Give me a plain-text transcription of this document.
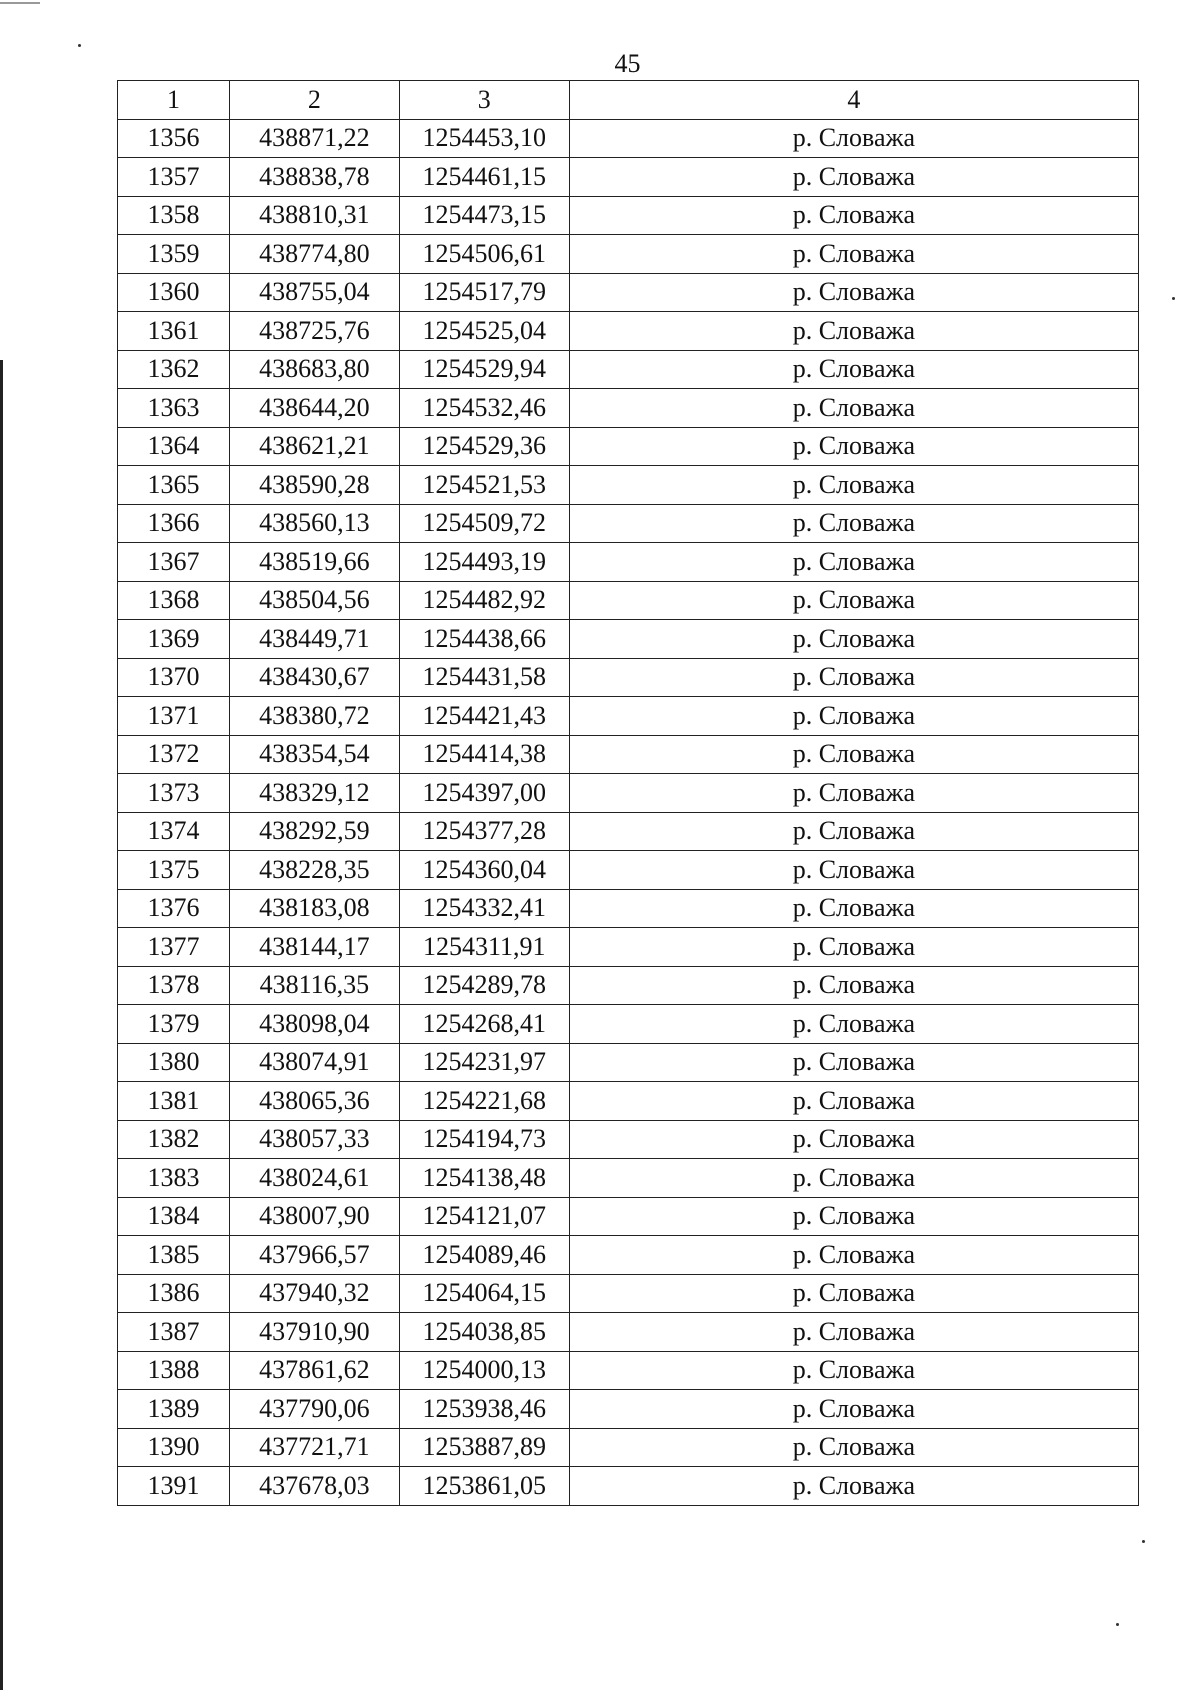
45
1	2	3	4
1356	438871,22	1254453,10	р. Словажа
1357	438838,78	1254461,15	р. Словажа
1358	438810,31	1254473,15	р. Словажа
1359	438774,80	1254506,61	р. Словажа
1360	438755,04	1254517,79	р. Словажа
1361	438725,76	1254525,04	р. Словажа
1362	438683,80	1254529,94	р. Словажа
1363	438644,20	1254532,46	р. Словажа
1364	438621,21	1254529,36	р. Словажа
1365	438590,28	1254521,53	р. Словажа
1366	438560,13	1254509,72	р. Словажа
1367	438519,66	1254493,19	р. Словажа
1368	438504,56	1254482,92	р. Словажа
1369	438449,71	1254438,66	р. Словажа
1370	438430,67	1254431,58	р. Словажа
1371	438380,72	1254421,43	р. Словажа
1372	438354,54	1254414,38	р. Словажа
1373	438329,12	1254397,00	р. Словажа
1374	438292,59	1254377,28	р. Словажа
1375	438228,35	1254360,04	р. Словажа
1376	438183,08	1254332,41	р. Словажа
1377	438144,17	1254311,91	р. Словажа
1378	438116,35	1254289,78	р. Словажа
1379	438098,04	1254268,41	р. Словажа
1380	438074,91	1254231,97	р. Словажа
1381	438065,36	1254221,68	р. Словажа
1382	438057,33	1254194,73	р. Словажа
1383	438024,61	1254138,48	р. Словажа
1384	438007,90	1254121,07	р. Словажа
1385	437966,57	1254089,46	р. Словажа
1386	437940,32	1254064,15	р. Словажа
1387	437910,90	1254038,85	р. Словажа
1388	437861,62	1254000,13	р. Словажа
1389	437790,06	1253938,46	р. Словажа
1390	437721,71	1253887,89	р. Словажа
1391	437678,03	1253861,05	р. Словажа
